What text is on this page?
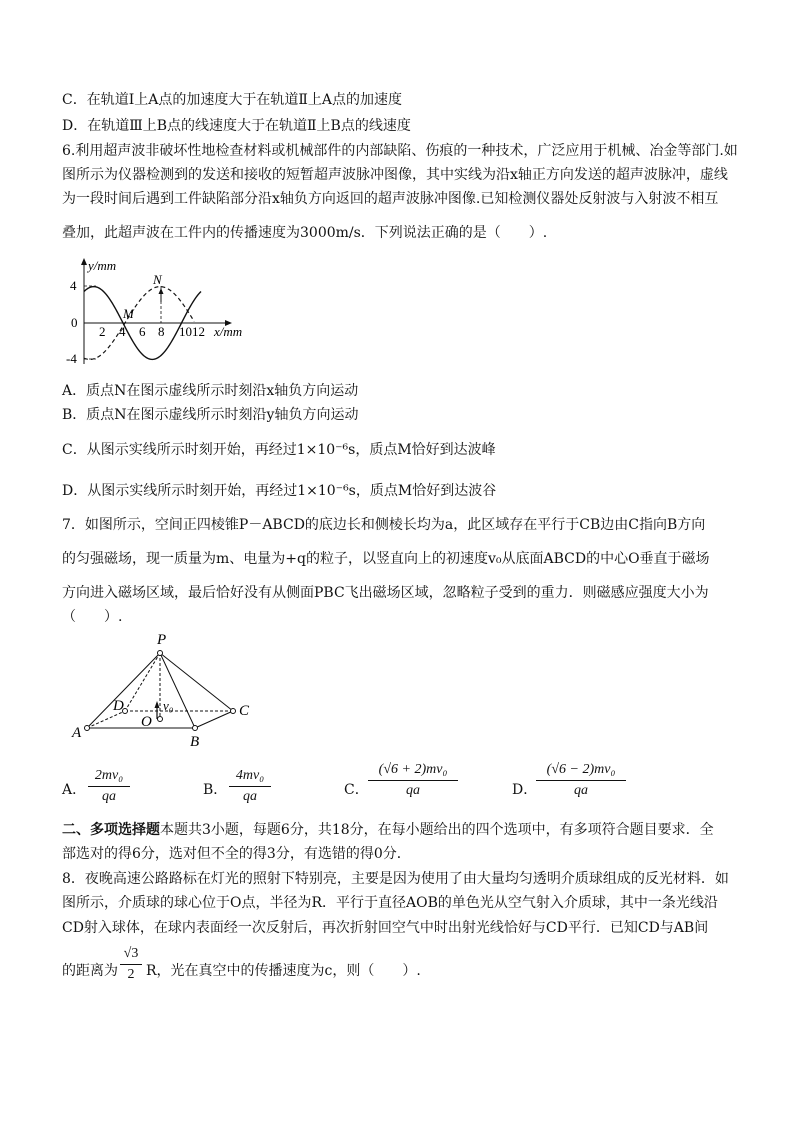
C．在轨道Ⅰ上A点的加速度大于在轨道Ⅱ上A点的加速度
D．在轨道Ⅲ上B点的线速度大于在轨道Ⅱ上B点的线速度
6.利用超声波非破坏性地检查材料或机械部件的内部缺陷、伤痕的一种技术，广泛应用于机械、冶金等部门.如
图所示为仪器检测到的发送和接收的短暂超声波脉冲图像，其中实线为沿x轴正方向发送的超声波脉冲，虚线
为一段时间后遇到工件缺陷部分沿x轴负方向返回的超声波脉冲图像.已知检测仪器处反射波与入射波不相互
叠加，此超声波在工件内的传播速度为3000m/s．下列说法正确的是（　　）.
y/mm
4
0
-4
2 4 6 8 1012 x/mm
M
N
A．质点N在图示虚线所示时刻沿x轴负方向运动
B．质点N在图示虚线所示时刻沿y轴负方向运动
C．从图示实线所示时刻开始，再经过1×10⁻⁶s，质点M恰好到达波峰
D．从图示实线所示时刻开始，再经过1×10⁻⁶s，质点M恰好到达波谷
7．如图所示，空间正四棱锥P－ABCD的底边长和侧棱长均为a，此区域存在平行于CB边由C指向B方向
的匀强磁场，现一质量为m、电量为+q的粒子，以竖直向上的初速度v₀从底面ABCD的中心O垂直于磁场
方向进入磁场区域，最后恰好没有从侧面PBC飞出磁场区域，忽略粒子受到的重力．则磁感应强度大小为
（　　）.
P
A
B
C
D
O
v₀
A．
2mv₀
qa	B．
4mv₀
qa	C．
(√6 + 2)mv₀
qa	D．
(√6 − 2)mv₀
qa
二、多项选择题本题共3小题，每题6分，共18分，在每小题给出的四个选项中，有多项符合题目要求．全
部选对的得6分，选对但不全的得3分，有选错的得0分．
8．夜晚高速公路路标在灯光的照射下特别亮，主要是因为使用了由大量均匀透明介质球组成的反光材料．如
图所示，介质球的球心位于O点，半径为R．平行于直径AOB的单色光从空气射入介质球，其中一条光线沿
CD射入球体，在球内表面经一次反射后，再次折射回空气中时出射光线恰好与CD平行．已知CD与AB间
的距离为
√3
2 R，光在真空中的传播速度为c，则（　　）.
